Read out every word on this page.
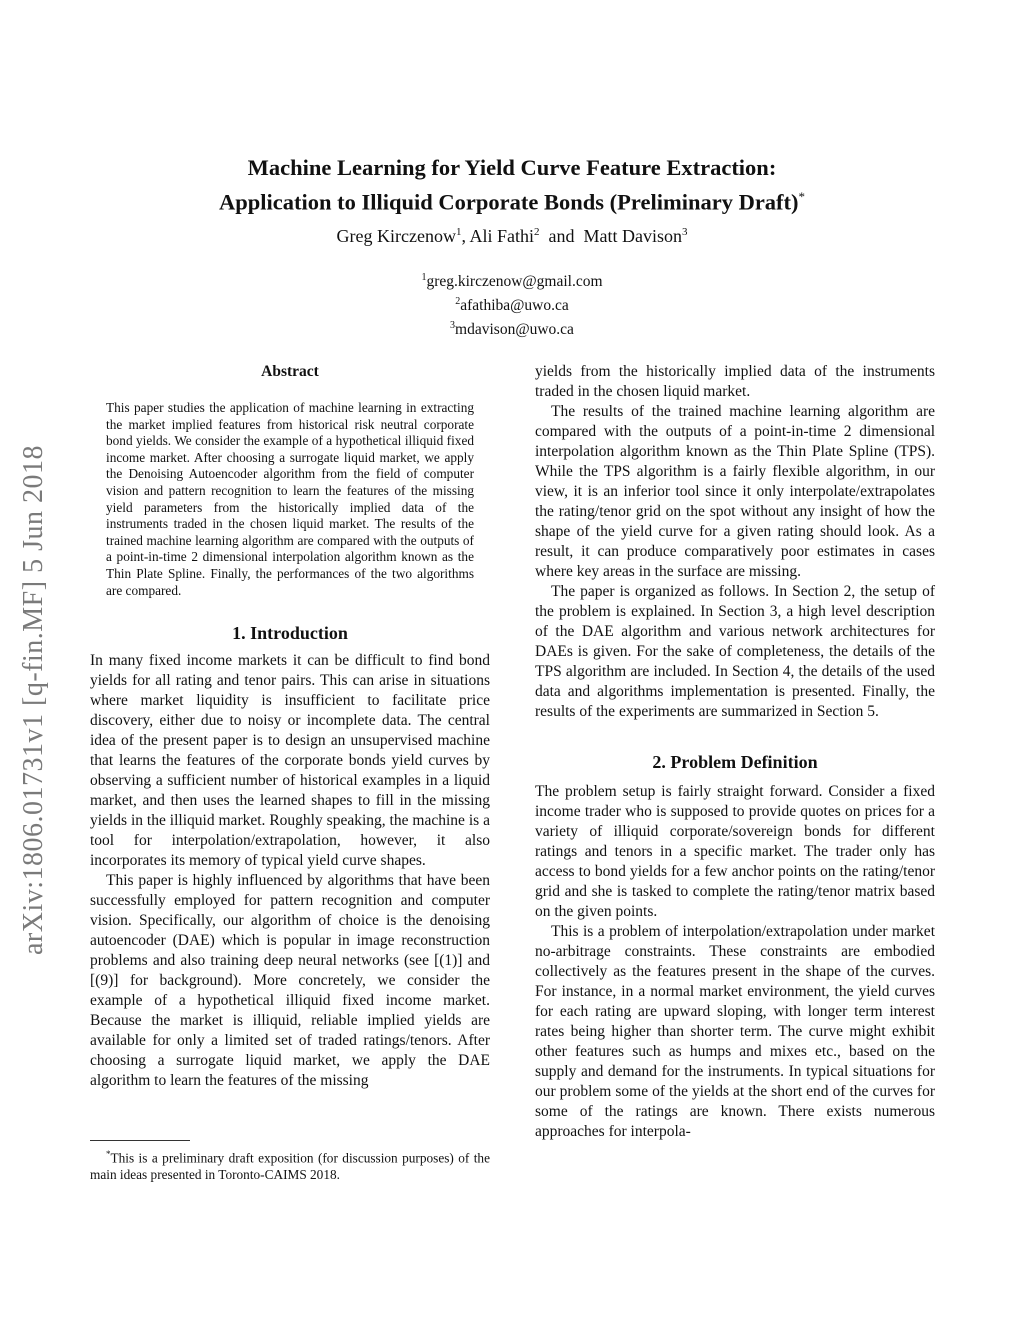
arXiv:1806.01731v1 [q-fin.MF] 5 Jun 2018
Machine Learning for Yield Curve Feature Extraction:
Application to Illiquid Corporate Bonds (Preliminary Draft)*
Greg Kirczenow$^1$, Ali Fathi$^2$ and Matt Davison$^3$
$^1$greg.kirczenow@gmail.com
$^2$afathiba@uwo.ca
$^3$mdavison@uwo.ca
Abstract
This paper studies the application of machine learning in extracting the market implied features from historical risk neutral corporate bond yields. We consider the example of a hypothetical illiquid fixed income market. After choosing a surrogate liquid market, we apply the Denoising Autoencoder algorithm from the field of computer vision and pattern recognition to learn the features of the missing yield parameters from the historically implied data of the instruments traded in the chosen liquid market. The results of the trained machine learning algorithm are compared with the outputs of a point-in-time 2 dimensional interpolation algorithm known as the Thin Plate Spline. Finally, the performances of the two algorithms are compared.
1. Introduction

In many fixed income markets it can be difficult to find bond yields for all rating and tenor pairs. This can arise in situations where market liquidity is insufficient to facilitate price discovery, either due to noisy or incomplete data. The central idea of the present paper is to design an unsupervised machine that learns the features of the corporate bonds yield curves by observing a sufficient number of historical examples in a liquid market, and then uses the learned shapes to fill in the missing yields in the illiquid market. Roughly speaking, the machine is a tool for interpolation/extrapolation, however, it also incorporates its memory of typical yield curve shapes.

This paper is highly influenced by algorithms that have been successfully employed for pattern recognition and computer vision. Specifically, our algorithm of choice is the denoising autoencoder (DAE) which is popular in image reconstruction problems and also training deep neural networks (see [(1)] and [(9)] for background). More concretely, we consider the example of a hypothetical illiquid fixed income market. Because the market is illiquid, reliable implied yields are available for only a limited set of traded ratings/tenors. After choosing a surrogate liquid market, we apply the DAE algorithm to learn the features of the missing

*This is a preliminary draft exposition (for discussion purposes) of the main ideas presented in Toronto-CAIMS 2018.

yields from the historically implied data of the instruments traded in the chosen liquid market.

The results of the trained machine learning algorithm are compared with the outputs of a point-in-time 2 dimensional interpolation algorithm known as the Thin Plate Spline (TPS). While the TPS algorithm is a fairly flexible algorithm, in our view, it is an inferior tool since it only interpolate/extrapolates the rating/tenor grid on the spot without any insight of how the shape of the yield curve for a given rating should look. As a result, it can produce comparatively poor estimates in cases where key areas in the surface are missing.

The paper is organized as follows. In Section 2, the setup of the problem is explained. In Section 3, a high level description of the DAE algorithm and various network architectures for DAEs is given. For the sake of completeness, the details of the TPS algorithm are included. In Section 4, the details of the used data and algorithms implementation is presented. Finally, the results of the experiments are summarized in Section 5.

2. Problem Definition

The problem setup is fairly straight forward. Consider a fixed income trader who is supposed to provide quotes on prices for a variety of illiquid corporate/sovereign bonds for different ratings and tenors in a specific market. The trader only has access to bond yields for a few anchor points on the rating/tenor grid and she is tasked to complete the rating/tenor matrix based on the given points.

This is a problem of interpolation/extrapolation under market no-arbitrage constraints. These constraints are embodied collectively as the features present in the shape of the curves. For instance, in a normal market environment, the yield curves for each rating are upward sloping, with longer term interest rates being higher than shorter term. The curve might exhibit other features such as humps and mixes etc., based on the supply and demand for the instruments. In typical situations for our problem some of the yields at the short end of the curves for some of the ratings are known. There exists numerous approaches for interpola-
